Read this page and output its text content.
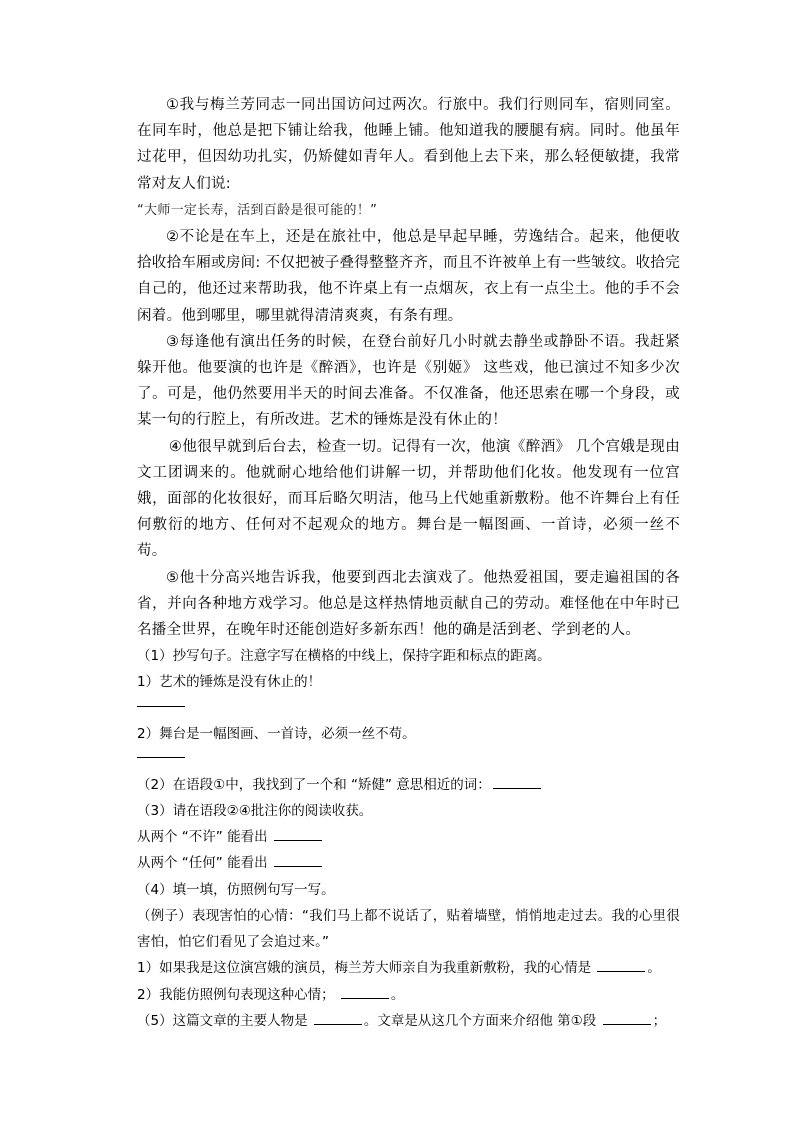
①我与梅兰芳同志一同出国访问过两次。行旅中。我们行则同车，宿则同室。在同车时，他总是把下铺让给我，他睡上铺。他知道我的腰腿有病。同时。他虽年过花甲，但因幼功扎实，仍矫健如青年人。看到他上去下来，那么轻便敏捷，我常常对友人们说:
“大师一定长寿，活到百龄是很可能的！”

②不论是在车上，还是在旅社中，他总是早起早睡，劳逸结合。起来，他便收拾收拾车厢或房间: 不仅把被子叠得整整齐齐，而且不许被单上有一些皱纹。收拾完自己的，他还过来帮助我，他不许桌上有一点烟灰，衣上有一点尘土。他的手不会闲着。他到哪里，哪里就得清清爽爽，有条有理。

③每逢他有演出任务的时候，在登台前好几小时就去静坐或静卧不语。我赶紧躲开他。他要演的也许是《醉酒》，也许是《别姬》 这些戏，他已演过不知多少次了。可是，他仍然要用半天的时间去准备。不仅准备，他还思索在哪一个身段，或某一句的行腔上，有所改进。艺术的锤炼是没有休止的！

④他很早就到后台去，检查一切。记得有一次，他演《醉酒》 几个宫娥是现由文工团调来的。他就耐心地给他们讲解一切，并帮助他们化妆。他发现有一位宫娥，面部的化妆很好，而耳后略欠明洁，他马上代她重新敷粉。他不许舞台上有任何敷衍的地方、任何对不起观众的地方。舞台是一幅图画、一首诗，必须一丝不苟。

⑤他十分高兴地告诉我，他要到西北去演戏了。他热爱祖国，要走遍祖国的各省，并向各种地方戏学习。他总是这样热情地贡献自己的劳动。难怪他在中年时已名播全世界，在晚年时还能创造好多新东西！他的确是活到老、学到老的人。

（1）抄写句子。注意字写在横格的中线上，保持字距和标点的距离。

1）艺术的锤炼是没有休止的！

2）舞台是一幅图画、一首诗，必须一丝不苟。

（2）在语段①中，我找到了一个和 “矫健” 意思相近的词：

（3）请在语段②④批注你的阅读收获。

从两个 “不许” 能看出

从两个 “任何” 能看出

（4）填一填，仿照例句写一写。

（例子）表现害怕的心情：“我们马上都不说话了，贴着墙壁，悄悄地走过去。我的心里很害怕，怕它们看见了会追过来。”

1）如果我是这位演宫娥的演员，梅兰芳大师亲自为我重新敷粉，我的心情是	。

2）我能仿照例句表现这种心情；	。

（5）这篇文章的主要人物是	。文章是从这几个方面来介绍他 第①段	；
